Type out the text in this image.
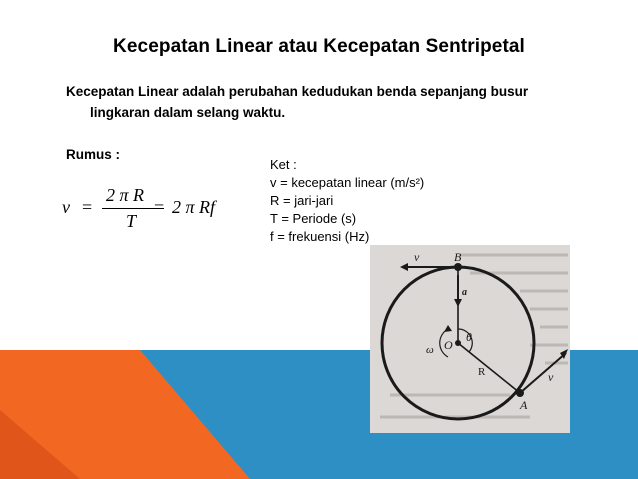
Kecepatan Linear atau Kecepatan Sentripetal
Kecepatan Linear adalah perubahan kedudukan benda sepanjang busur
lingkaran dalam selang waktu.
Rumus :
v =
2 π R
T
= 2 π Rf
Ket :
v = kecepatan linear (m/s²)
R = jari-jari
T = Periode (s)
f = frekuensi (Hz)
B
O
θ
ω
R
A
v
v
a
